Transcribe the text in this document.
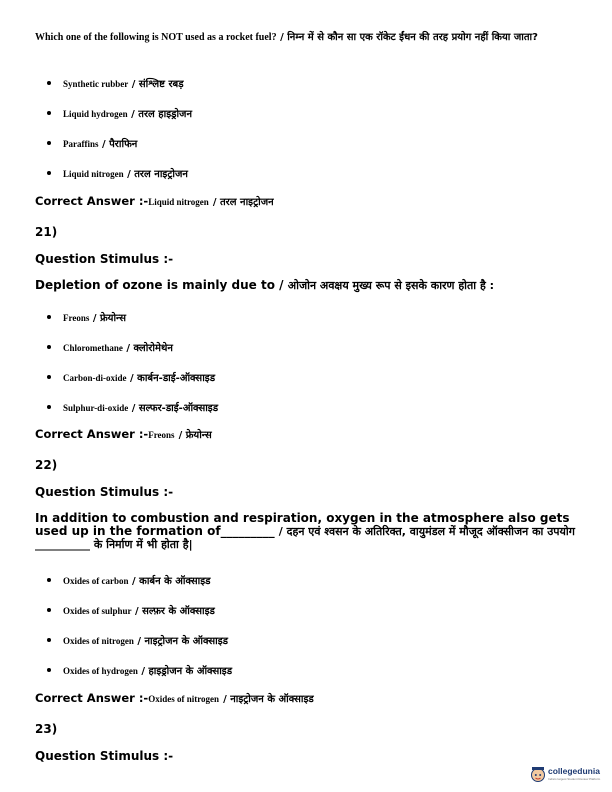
Which one of the following is NOT used as a rocket fuel? / निम्न में से कौन सा एक रॉकेट ईंधन की तरह प्रयोग नहीं किया जाता?
Synthetic rubber / संश्लिष्ट रबड़
Liquid hydrogen / तरल हाइड्रोजन
Paraffins / पैराफिन
Liquid nitrogen / तरल नाइट्रोजन
Correct Answer :-Liquid nitrogen / तरल नाइट्रोजन
21)
Question Stimulus :-
Depletion of ozone is mainly due to / ओजोन अवक्षय मुख्य रूप से इसके कारण होता है :
Freons / फ्रेयोन्स
Chloromethane / क्लोरोमेथेन
Carbon-di-oxide / कार्बन-डाई-ऑक्साइड
Sulphur-di-oxide / सल्फर-डाई-ऑक्साइड
Correct Answer :-Freons / फ्रेयोन्स
22)
Question Stimulus :-
In addition to combustion and respiration, oxygen in the atmosphere also gets used up in the formation of_________ / दहन एवं श्वसन के अतिरिक्त, वायुमंडल में मौजूद ऑक्सीजन का उपयोग __________ के निर्माण में भी होता है|
Oxides of carbon / कार्बन के ऑक्साइड
Oxides of sulphur / सल्फ़र के ऑक्साइड
Oxides of nitrogen / नाइट्रोजन के ऑक्साइड
Oxides of hydrogen / हाइड्रोजन के ऑक्साइड
Correct Answer :-Oxides of nitrogen / नाइट्रोजन के ऑक्साइड
23)
Question Stimulus :-
collegedunia
India's largest Student Review Platform
